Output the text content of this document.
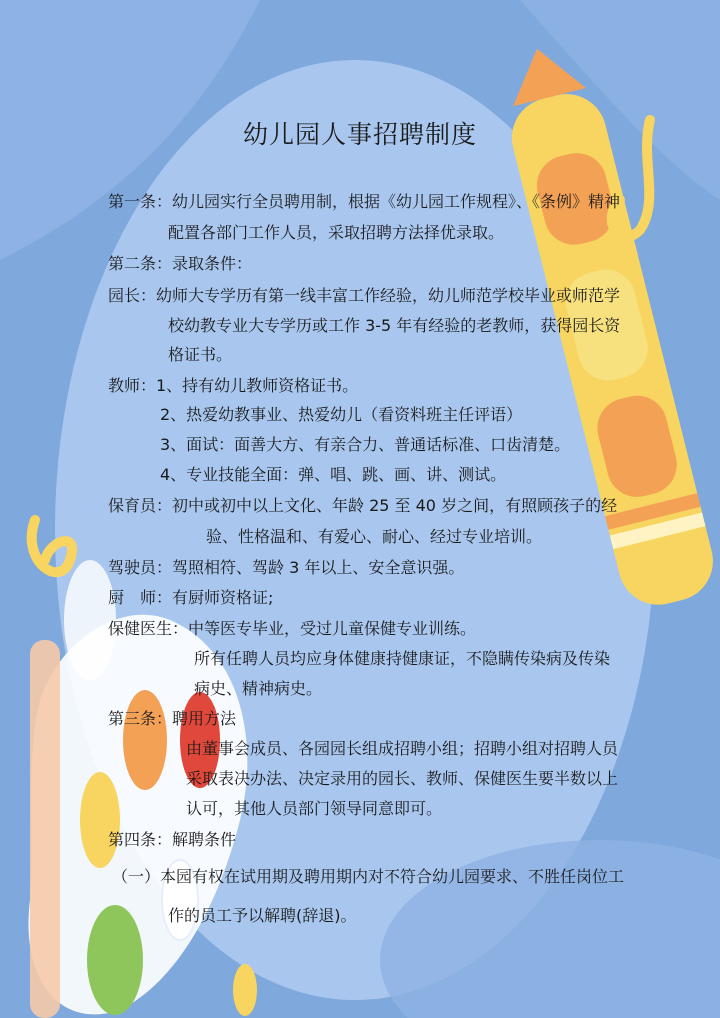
幼儿园人事招聘制度
第一条：幼儿园实行全员聘用制，根据《幼儿园工作规程》、《条例》精神
配置各部门工作人员，采取招聘方法择优录取。
第二条：录取条件：
园长：幼师大专学历有第一线丰富工作经验，幼儿师范学校毕业或师范学
校幼教专业大专学历或工作 3-5 年有经验的老教师，获得园长资
格证书。
教师：1、持有幼儿教师资格证书。
2、热爱幼教事业、热爱幼儿（看资料班主任评语）
3、面试：面善大方、有亲合力、普通话标准、口齿清楚。
4、专业技能全面：弹、唱、跳、画、讲、测试。
保育员：初中或初中以上文化、年龄 25 至 40 岁之间，有照顾孩子的经
验、性格温和、有爱心、耐心、经过专业培训。
驾驶员：驾照相符、驾龄 3 年以上、安全意识强。
厨　师：有厨师资格证;
保健医生：中等医专毕业，受过儿童保健专业训练。
所有任聘人员均应身体健康持健康证，不隐瞒传染病及传染
病史、精神病史。
第三条：聘用方法
由董事会成员、各园园长组成招聘小组；招聘小组对招聘人员
采取表决办法、决定录用的园长、教师、保健医生要半数以上
认可，其他人员部门领导同意即可。
第四条：解聘条件
（一）本园有权在试用期及聘用期内对不符合幼儿园要求、不胜任岗位工
作的员工予以解聘(辞退)。
